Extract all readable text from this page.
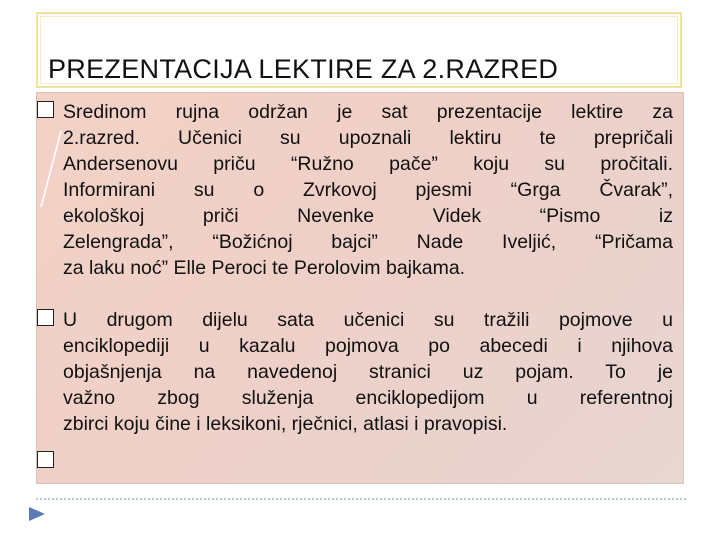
PREZENTACIJA LEKTIRE ZA 2.RAZRED
Sredinom rujna održan je sat prezentacije lektire za
2.razred. Učenici su upoznali lektiru te prepričali
Andersenovu priču “Ružno pače” koju su pročitali.
Informirani su o Zvrkovoj pjesmi “Grga Čvarak”,
ekološkoj priči Nevenke Videk “Pismo iz
Zelengrada”, “Božićnoj bajci” Nade Iveljić, “Pričama
za laku noć” Elle Peroci te Perolovim bajkama.
U drugom dijelu sata učenici su tražili pojmove u
enciklopediji u kazalu pojmova po abecedi i njihova
objašnjenja na navedenoj stranici uz pojam. To je
važno zbog služenja enciklopedijom u referentnoj
zbirci koju čine i leksikoni, rječnici, atlasi i pravopisi.
